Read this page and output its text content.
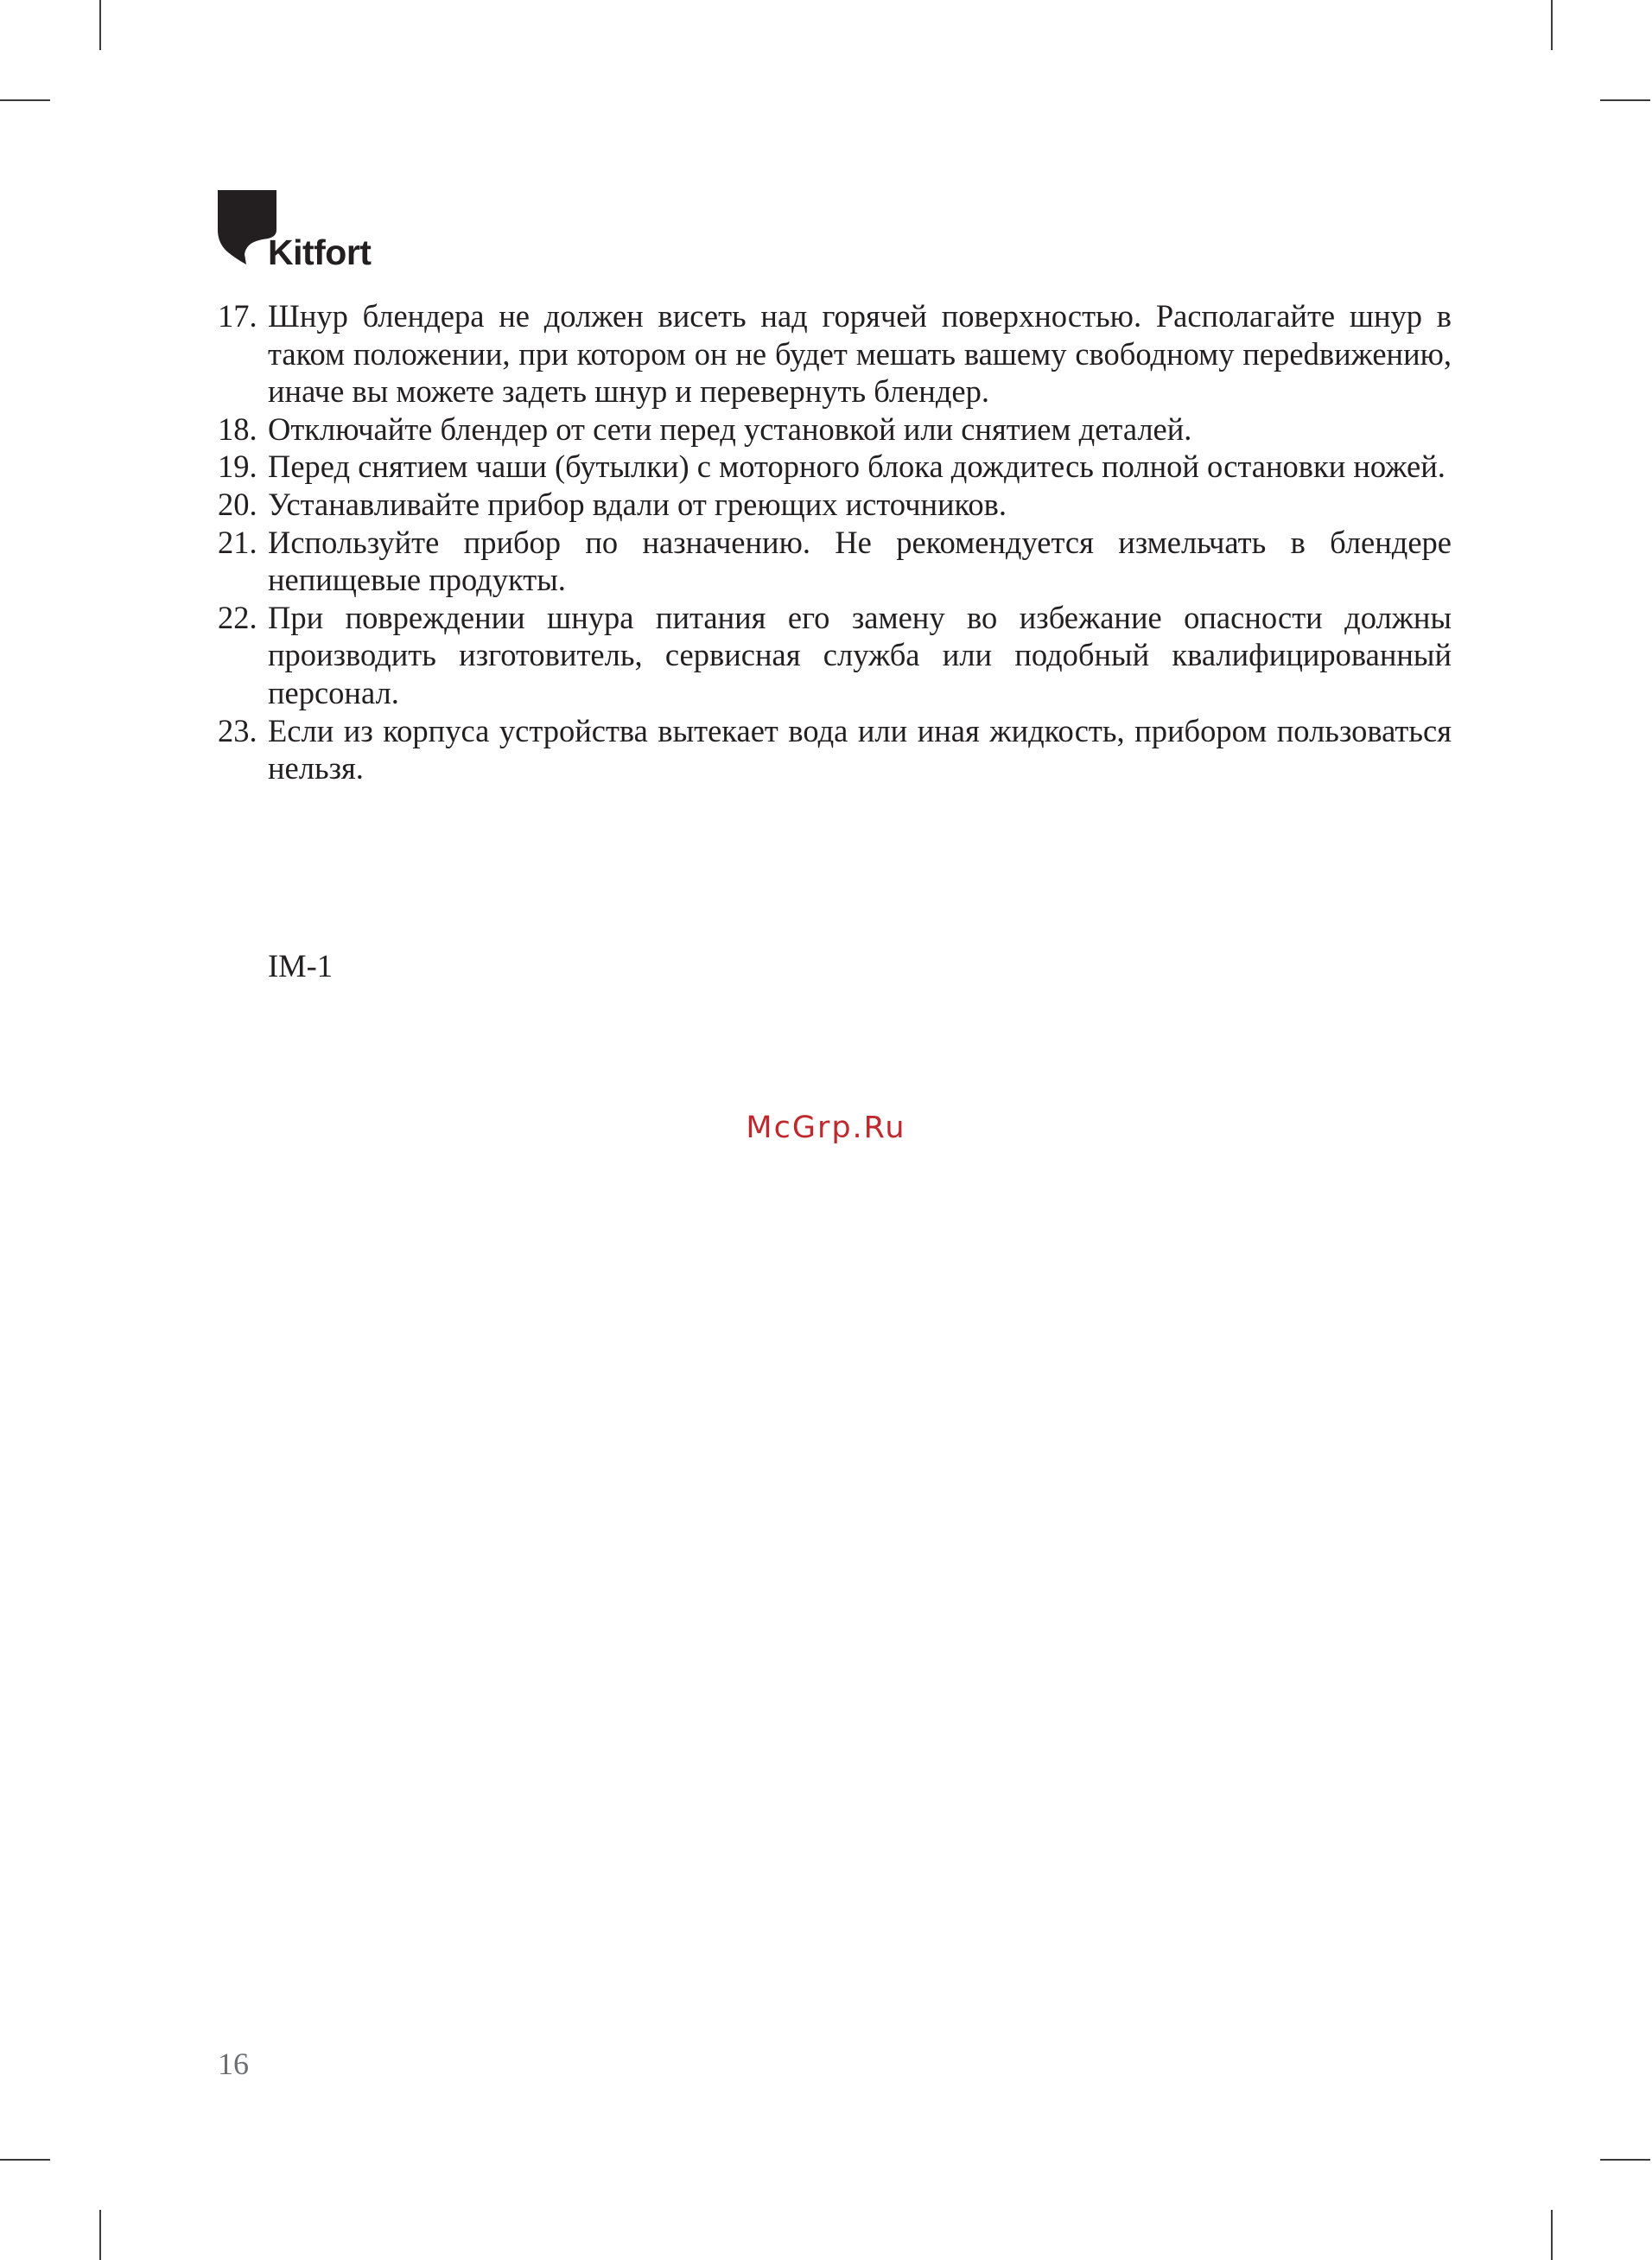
Kitfort
17. Шнур блендера не должен висеть над горячей поверхностью. Располагайте шнур в таком положении, при котором он не будет мешать вашему свободному переdвижению, иначе вы можете задеть шнур и перевернуть блендер.
18. Отключайте блендер от сети перед установкой или снятием деталей.
19. Перед снятием чаши (бутылки) с моторного блока дождитесь полной остановки ножей.
20. Устанавливайте прибор вдали от греющих источников.
21. Используйте прибор по назначению. Не рекомендуется измельчать в блендере непищевые продукты.
22. При повреждении шнура питания его замену во избежание опасности должны производить изготовитель, сервисная служба или подобный квалифицированный персонал.
23. Если из корпуса устройства вытекает вода или иная жидкость, прибором пользоваться нельзя.
IM-1
McGrp.Ru
16
